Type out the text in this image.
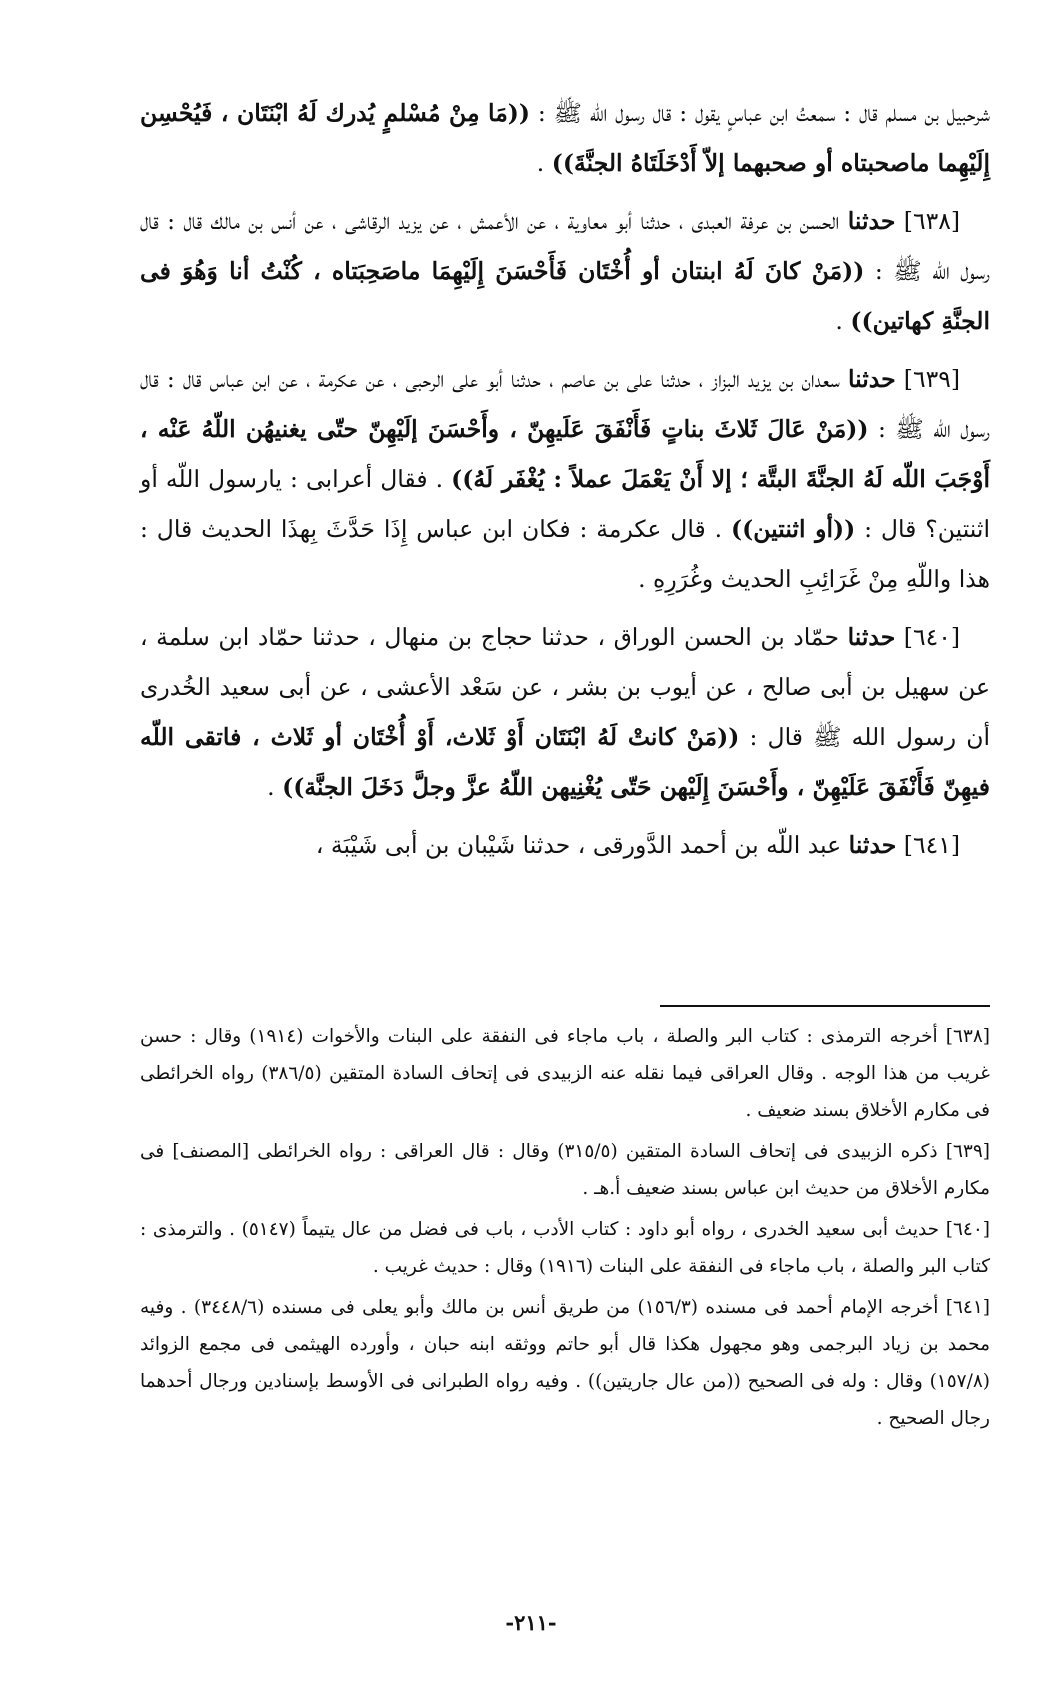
شرحبيل بن مسلم قال : سمعتُ ابن عباسٍ يقول : قال رسول الله ﷺ : ((مَا مِنْ مُسْلمٍ يُدرك لَهُ ابْنَتَان ، فَيُحْسِن إِلَيْهِما ماصحبتاه أو صحبهما إلاّ أَدْخَلَتَاهُ الجنَّةَ)) .

[٦٣٨] حدثنا الحسن بن عرفة العبدى ، حدثنا أبو معاوية ، عن الأعمش ، عن يزيد الرقاشى ، عن أنس بن مالك قال : قال رسول الله ﷺ : ((مَنْ كانَ لَهُ ابنتان أو أُخْتَان فَأَحْسَنَ إِلَيْهِمَا ماصَحِبَتاه ، كُنْتُ أنا وَهُوَ فى الجنَّةِ كهاتين)) .

[٦٣٩] حدثنا سعدان بن يزيد البزاز ، حدثنا على بن عاصم ، حدثنا أبو على الرحبى ، عن عكرمة ، عن ابن عباس قال : قال رسول اللّه ﷺ : ((مَنْ عَالَ ثَلاثَ بناتٍ فَأَنْفَقَ عَلَيهِنّ ، وأَحْسَنَ إلَيْهِنّ حتّى يغنيهُن اللّهُ عَنْه ، أَوْجَبَ اللّه لَهُ الجنَّةَ البتَّة ؛ إلا أَنْ يَعْمَلَ عملاً : يُغْفَر لَهُ)) . فقال أعرابى : يارسول اللّه أو اثنتين؟ قال : ((أو اثنتين)) . قال عكرمة : فكان ابن عباس إِذَا حَدَّثَ بِهذَا الحديث قال : هذا واللّهِ مِنْ غَرَائِبِ الحديث وغُرَرِهِ .

[٦٤٠] حدثنا حمّاد بن الحسن الوراق ، حدثنا حجاج بن منهال ، حدثنا حمّاد ابن سلمة ، عن سهيل بن أبى صالح ، عن أيوب بن بشر ، عن سَعْد الأعشى ، عن أبى سعيد الخُدرى أن رسول الله ﷺ قال : ((مَنْ كانتْ لَهُ ابْنَتَان أَوْ ثَلاث، أَوْ أُخْتَان أو ثَلاث ، فاتقى اللّه فيهِنّ فَأَنْفَقَ عَلَيْهِنّ ، وأَحْسَنَ إِلَيْهن حَتّى يُغْنِيهن اللّهُ عزَّ وجلَّ دَخَلَ الجنَّة)) .

[٦٤١] حدثنا عبد اللّه بن أحمد الدَّورقى ، حدثنا شَيْبان بن أبى شَيْبَة ،

[٦٣٨] أخرجه الترمذى : كتاب البر والصلة ، باب ماجاء فى النفقة على البنات والأخوات (١٩١٤) وقال : حسن غريب من هذا الوجه . وقال العراقى فيما نقله عنه الزبيدى فى إتحاف السادة المتقين (٣٨٦/٥) رواه الخرائطى فى مكارم الأخلاق بسند ضعيف .

[٦٣٩] ذكره الزبيدى فى إتحاف السادة المتقين (٣١٥/٥) وقال : قال العراقى : رواه الخرائطى [المصنف] فى مكارم الأخلاق من حديث ابن عباس بسند ضعيف أ.هـ .

[٦٤٠] حديث أبى سعيد الخدرى ، رواه أبو داود : كتاب الأدب ، باب فى فضل من عال يتيماً (٥١٤٧) . والترمذى : كتاب البر والصلة ، باب ماجاء فى النفقة على البنات (١٩١٦) وقال : حديث غريب .

[٦٤١] أخرجه الإمام أحمد فى مسنده (١٥٦/٣) من طريق أنس بن مالك وأبو يعلى فى مسنده (٣٤٤٨/٦) . وفيه محمد بن زياد البرجمى وهو مجهول هكذا قال أبو حاتم ووثقه ابنه حبان ، وأورده الهيثمى فى مجمع الزوائد (١٥٧/٨) وقال : وله فى الصحيح ((من عال جاريتين)) . وفيه رواه الطبرانى فى الأوسط بإسنادين ورجال أحدهما رجال الصحيح .

-٢١١-
